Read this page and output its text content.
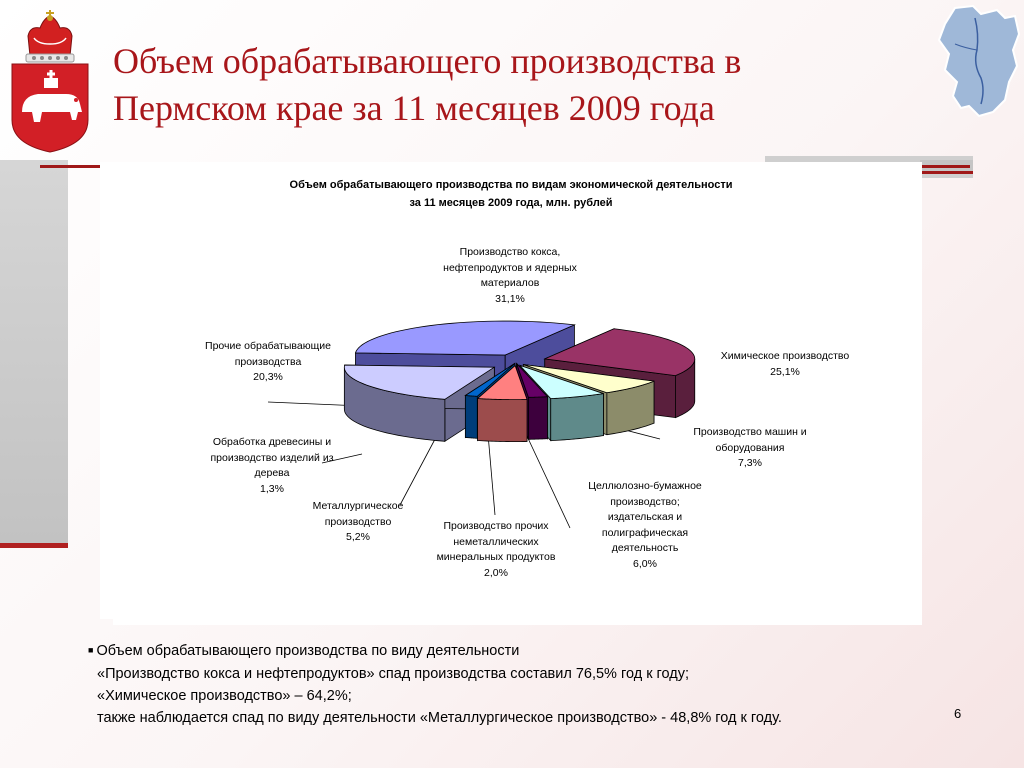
Объем обрабатывающего производства в
Пермском крае за 11 месяцев 2009 года
Объем обрабатывающего производства по видам экономической деятельности
за 11 месяцев 2009 года, млн. рублей
Производство кокса,
нефтепродуктов и ядерных
материалов
31,1%
Химическое производство
25,1%
Производство машин и
оборудования
7,3%
Целлюлозно-бумажное
производство;
издательская и
полиграфическая
деятельность
6,0%
Производство прочих
неметаллических
минеральных продуктов
2,0%
Металлургическое
производство
5,2%
Обработка древесины и
производство изделий из
дерева
1,3%
Прочие обрабатывающие
производства
20,3%
■ Объем обрабатывающего производства по виду деятельности
«Производство кокса и нефтепродуктов» спад производства составил 76,5% год к году;
«Химическое производство» – 64,2%;
также наблюдается спад по виду деятельности «Металлургическое производство» - 48,8% год к году.	6
